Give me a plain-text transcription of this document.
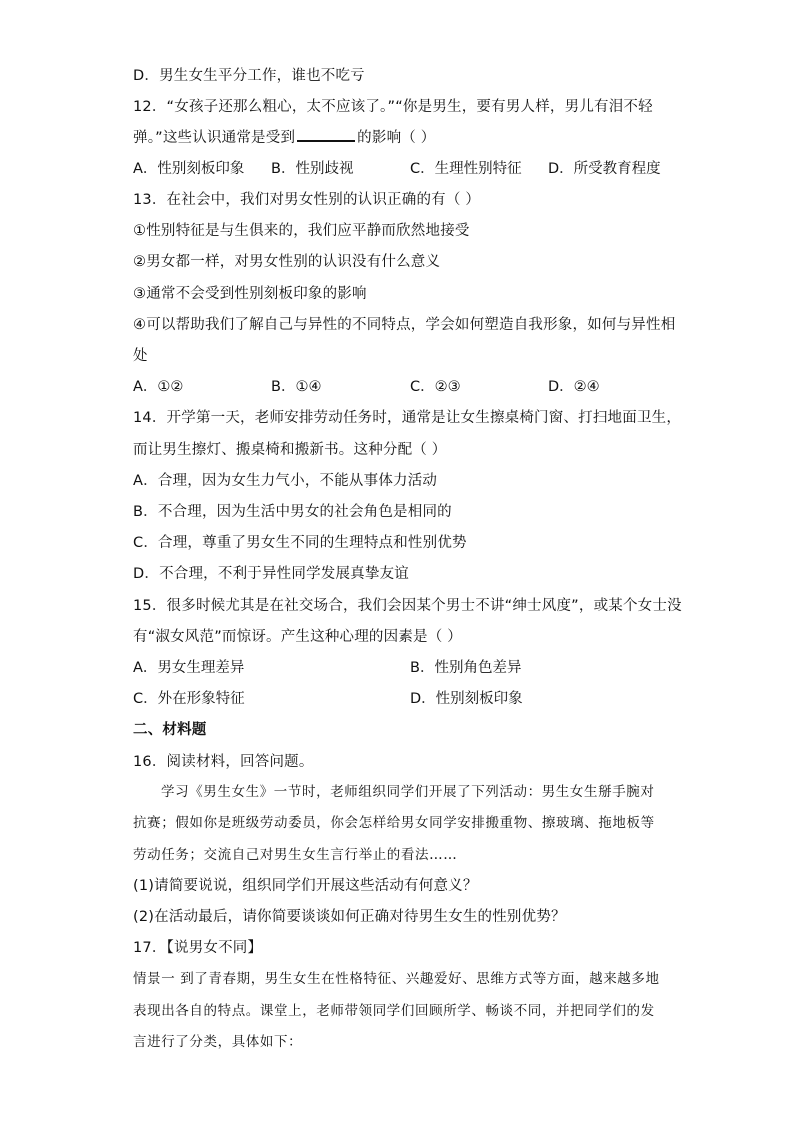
D．男生女生平分工作，谁也不吃亏
12．“女孩子还那么粗心，太不应该了。”“你是男生，要有男人样，男儿有泪不轻
弹。”这些认识通常是受到	的影响（ ）
A．性别刻板印象 B．性别歧视	C．生理性别特征 D．所受教育程度
13．在社会中，我们对男女性别的认识正确的有（ ）
①性别特征是与生俱来的，我们应平静而欣然地接受
②男女都一样，对男女性别的认识没有什么意义
③通常不会受到性别刻板印象的影响
④可以帮助我们了解自己与异性的不同特点，学会如何塑造自我形象，如何与异性相
处
A．①②	B．①④	C．②③	D．②④
14．开学第一天，老师安排劳动任务时，通常是让女生擦桌椅门窗、打扫地面卫生，
而让男生擦灯、搬桌椅和搬新书。这种分配（ ）
A．合理，因为女生力气小，不能从事体力活动
B．不合理，因为生活中男女的社会角色是相同的
C．合理，尊重了男女生不同的生理特点和性别优势
D．不合理，不利于异性同学发展真挚友谊
15．很多时候尤其是在社交场合，我们会因某个男士不讲“绅士风度”，或某个女士没
有“淑女风范”而惊讶。产生这种心理的因素是（ ）
A．男女生理差异	B．性别角色差异
C．外在形象特征	D．性别刻板印象
二、材料题
16．阅读材料，回答问题。
学习《男生女生》一节时，老师组织同学们开展了下列活动：男生女生掰手腕对
抗赛；假如你是班级劳动委员，你会怎样给男女同学安排搬重物、擦玻璃、拖地板等
劳动任务；交流自己对男生女生言行举止的看法……
(1)请简要说说，组织同学们开展这些活动有何意义？
(2)在活动最后，请你简要谈谈如何正确对待男生女生的性别优势？
17．【说男女不同】
情景一 到了青春期，男生女生在性格特征、兴趣爱好、思维方式等方面，越来越多地
表现出各自的特点。课堂上，老师带领同学们回顾所学、畅谈不同，并把同学们的发
言进行了分类，具体如下：
